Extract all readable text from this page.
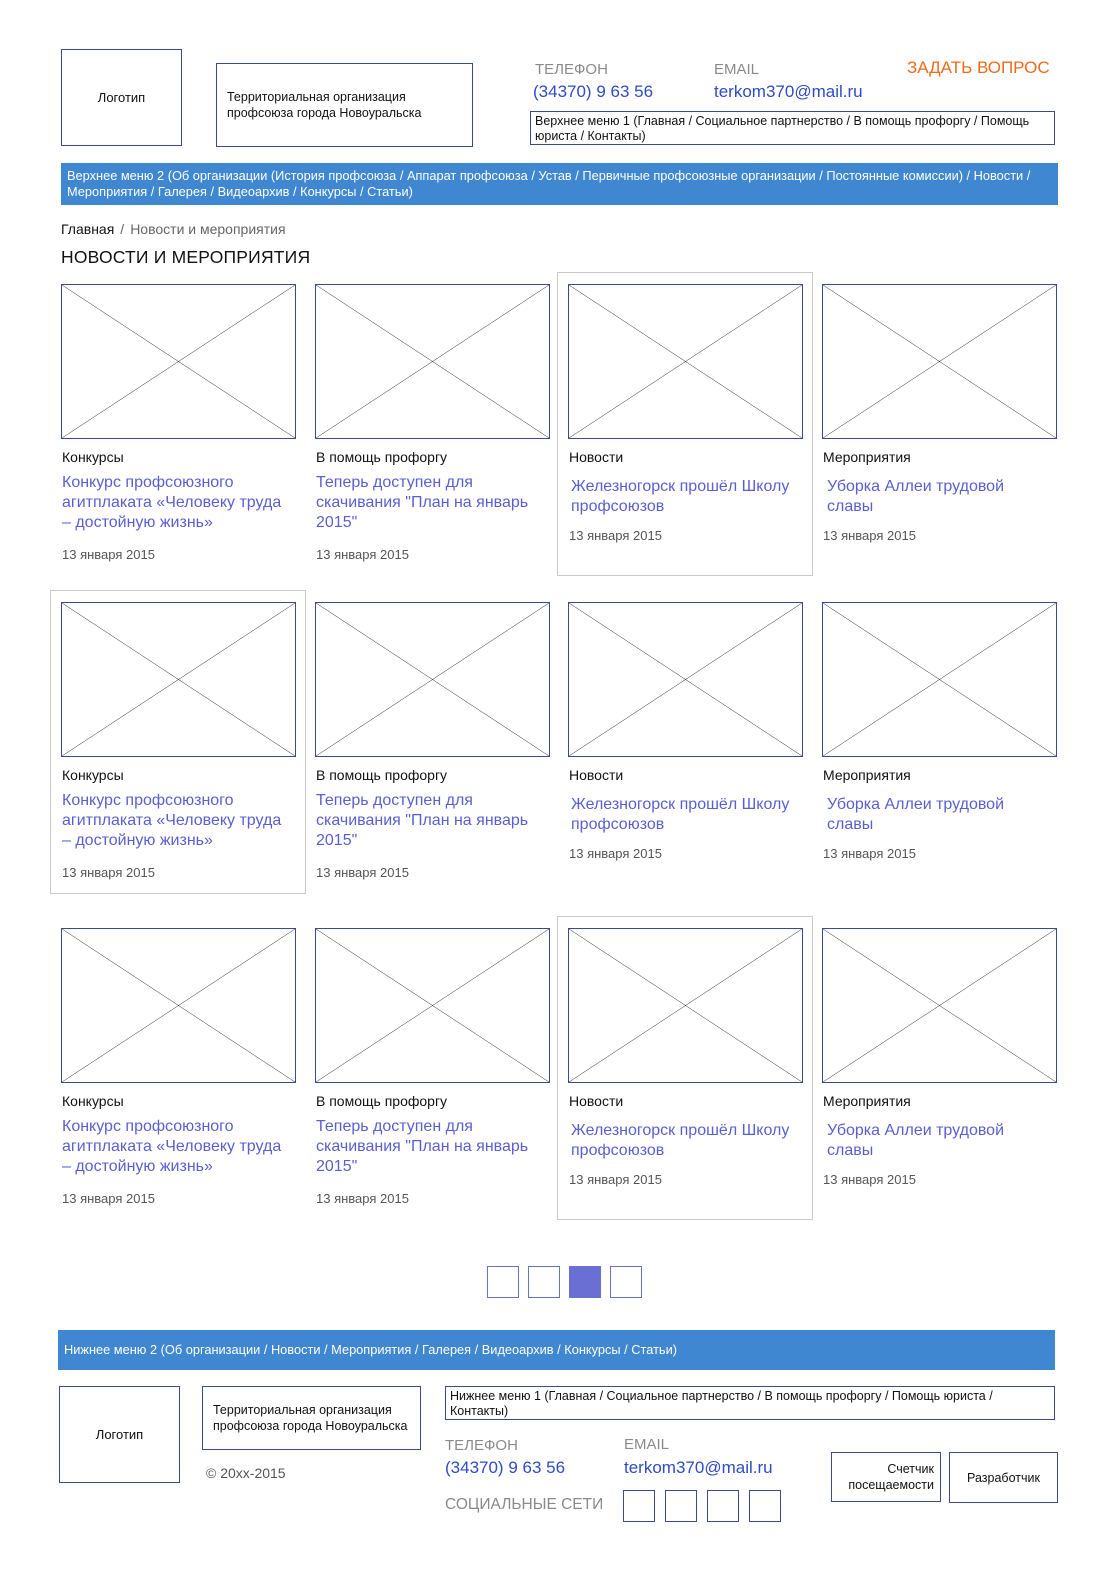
Логотип	Территориальная организация профсоюза города Новоуральска
ТЕЛЕФОН
(34370) 9 63 56
EMAIL
terkom370@mail.ru
ЗАДАТЬ ВОПРОС
Верхнее меню 1 (Главная / Социальное партнерство / В помощь профоргу / Помощь юриста / Контакты)
Верхнее меню 2 (Об организации (История профсоюза / Аппарат профсоюза / Устав / Первичные профсоюзные организации / Постоянные комиссии) / Новости / Мероприятия / Галерея / Видеоархив / Конкурсы / Статьи)
Главная / Новости и мероприятия
НОВОСТИ И МЕРОПРИЯТИЯ
Конкурсы
Конкурс профсоюзного агитплаката «Человеку труда – достойную жизнь»
13 января 2015
В помощь профоргу
Теперь доступен для скачивания "План на январь 2015"
13 января 2015
Новости
Железногорск прошёл Школу профсоюзов
13 января 2015
Мероприятия
Уборка Аллеи трудовой славы
13 января 2015
Конкурсы
Конкурс профсоюзного агитплаката «Человеку труда – достойную жизнь»
13 января 2015
В помощь профоргу
Теперь доступен для скачивания "План на январь 2015"
13 января 2015
Новости
Железногорск прошёл Школу профсоюзов
13 января 2015
Мероприятия
Уборка Аллеи трудовой славы
13 января 2015
Конкурсы
Конкурс профсоюзного агитплаката «Человеку труда – достойную жизнь»
13 января 2015
В помощь профоргу
Теперь доступен для скачивания "План на январь 2015"
13 января 2015
Новости
Железногорск прошёл Школу профсоюзов
13 января 2015
Мероприятия
Уборка Аллеи трудовой славы
13 января 2015
Нижнее меню 2 (Об организации / Новости / Мероприятия / Галерея / Видеоархив / Конкурсы / Статьи)
Логотип
Территориальная организация профсоюза города Новоуральска
© 20xx-2015
Нижнее меню 1 (Главная / Социальное партнерство / В помощь профоргу / Помощь юриста / Контакты)
ТЕЛЕФОН
(34370) 9 63 56
EMAIL
terkom370@mail.ru
СОЦИАЛЬНЫЕ СЕТИ
Счетчик посещаемости
Разработчик
